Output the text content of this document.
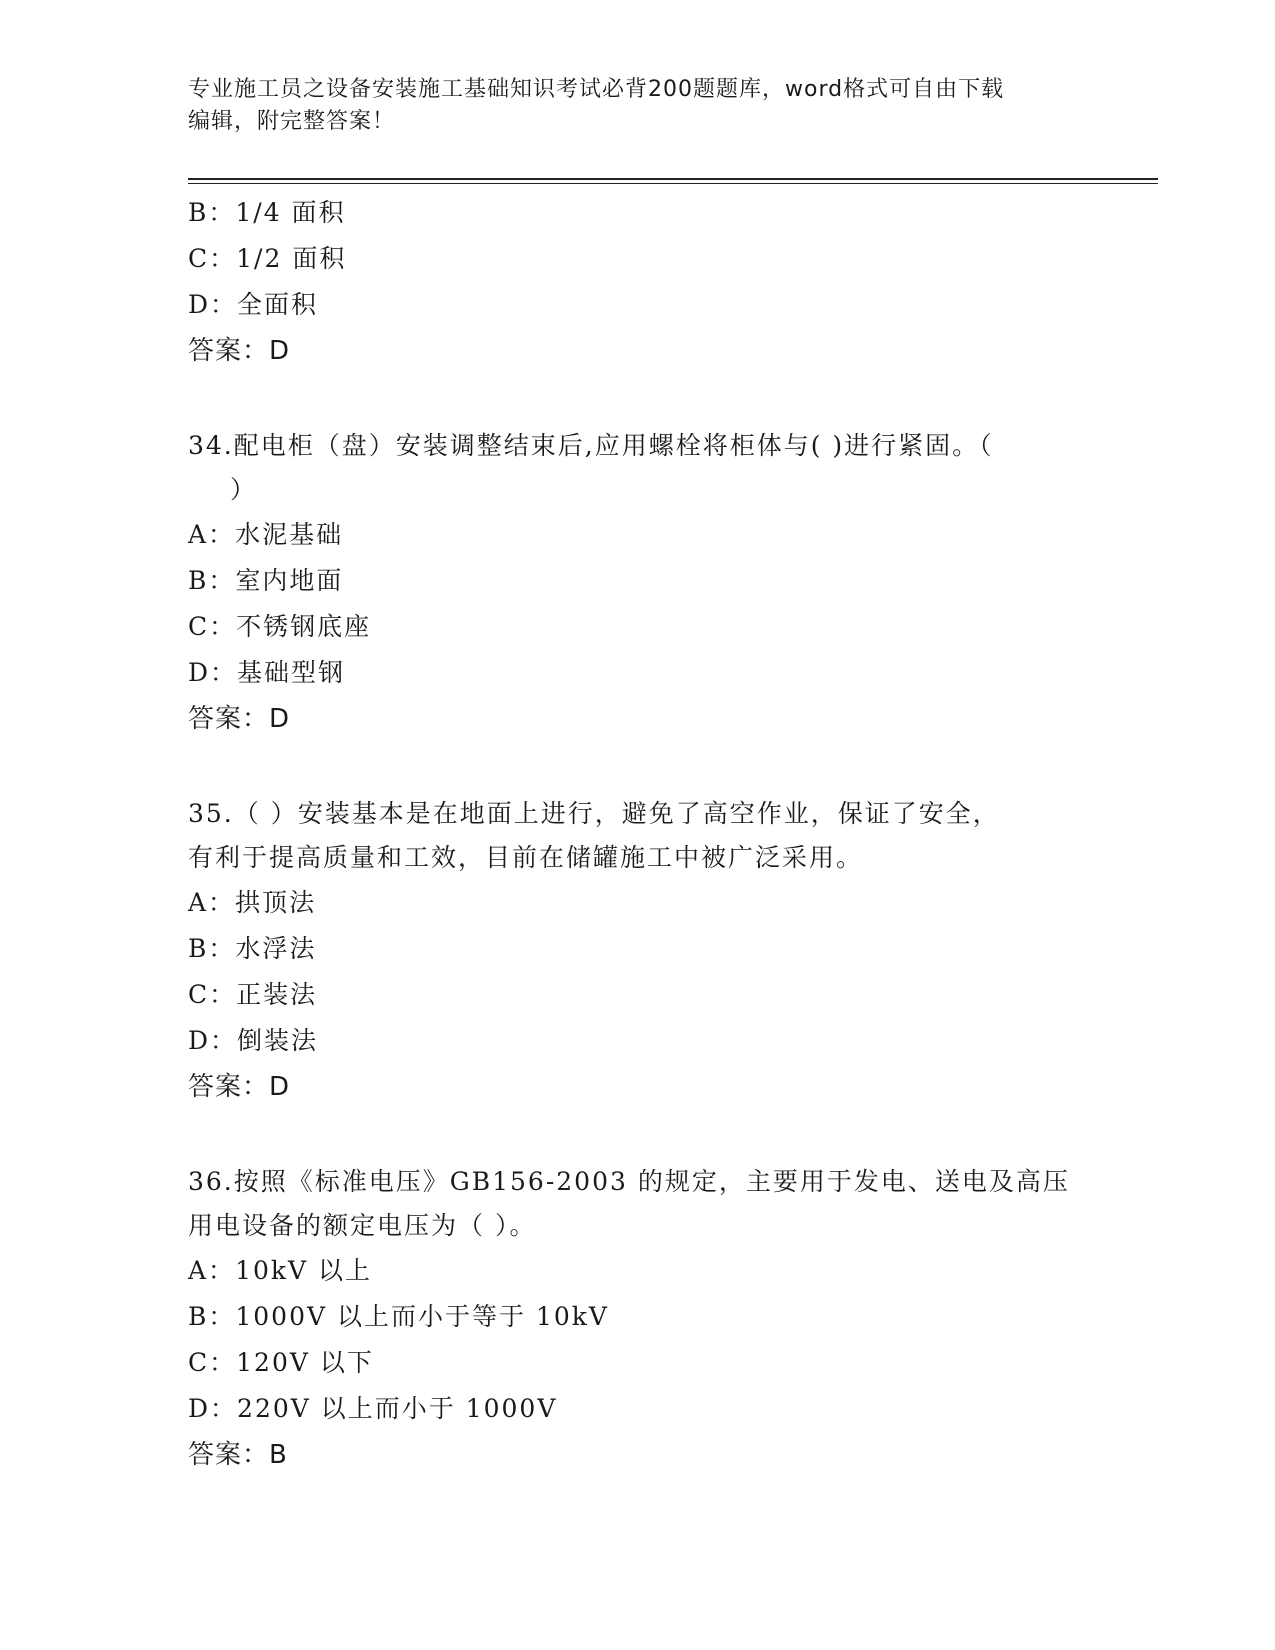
专业施工员之设备安装施工基础知识考试必背200题题库，word格式可自由下载
编辑，附完整答案！
B：1/4 面积
C：1/2 面积
D：全面积
答案：D
34.配电柜（盘）安装调整结束后,应用螺栓将柜体与( )进行紧固。（
）
A：水泥基础
B：室内地面
C：不锈钢底座
D：基础型钢
答案：D
35.（ ）安装基本是在地面上进行，避免了高空作业，保证了安全，
有利于提高质量和工效，目前在储罐施工中被广泛采用。
A：拱顶法
B：水浮法
C：正装法
D：倒装法
答案：D
36.按照《标准电压》GB156-2003 的规定，主要用于发电、送电及高压
用电设备的额定电压为（ ）。
A：10kV 以上
B：1000V 以上而小于等于 10kV
C：120V 以下
D：220V 以上而小于 1000V
答案：B
